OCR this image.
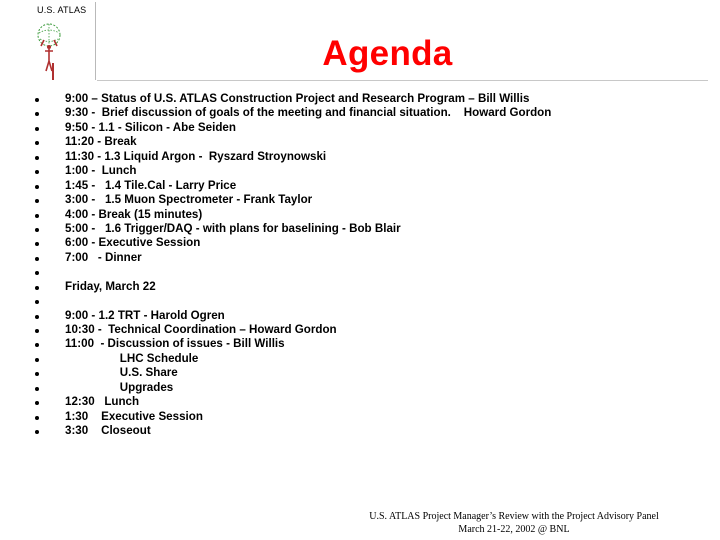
U.S. ATLAS
Agenda
9:00 – Status of U.S. ATLAS Construction Project and Research Program – Bill Willis
9:30 -  Brief discussion of goals of the meeting and financial situation.    Howard Gordon
9:50 - 1.1 - Silicon - Abe Seiden
11:20 - Break
11:30 - 1.3 Liquid Argon -  Ryszard Stroynowski
1:00 -  Lunch
1:45 -   1.4 Tile.Cal - Larry Price
3:00 -   1.5 Muon Spectrometer - Frank Taylor
4:00 - Break (15 minutes)
5:00 -   1.6 Trigger/DAQ - with plans for baselining - Bob Blair
6:00 - Executive Session
7:00   - Dinner
Friday, March 22
9:00 - 1.2 TRT - Harold Ogren
10:30 -  Technical Coordination – Howard Gordon
11:00  - Discussion of issues - Bill Willis
LHC Schedule
U.S. Share
Upgrades
12:30   Lunch
1:30    Executive Session
3:30    Closeout
U.S. ATLAS Project Manager’s Review with the Project Advisory Panel
March 21-22, 2002 @ BNL
